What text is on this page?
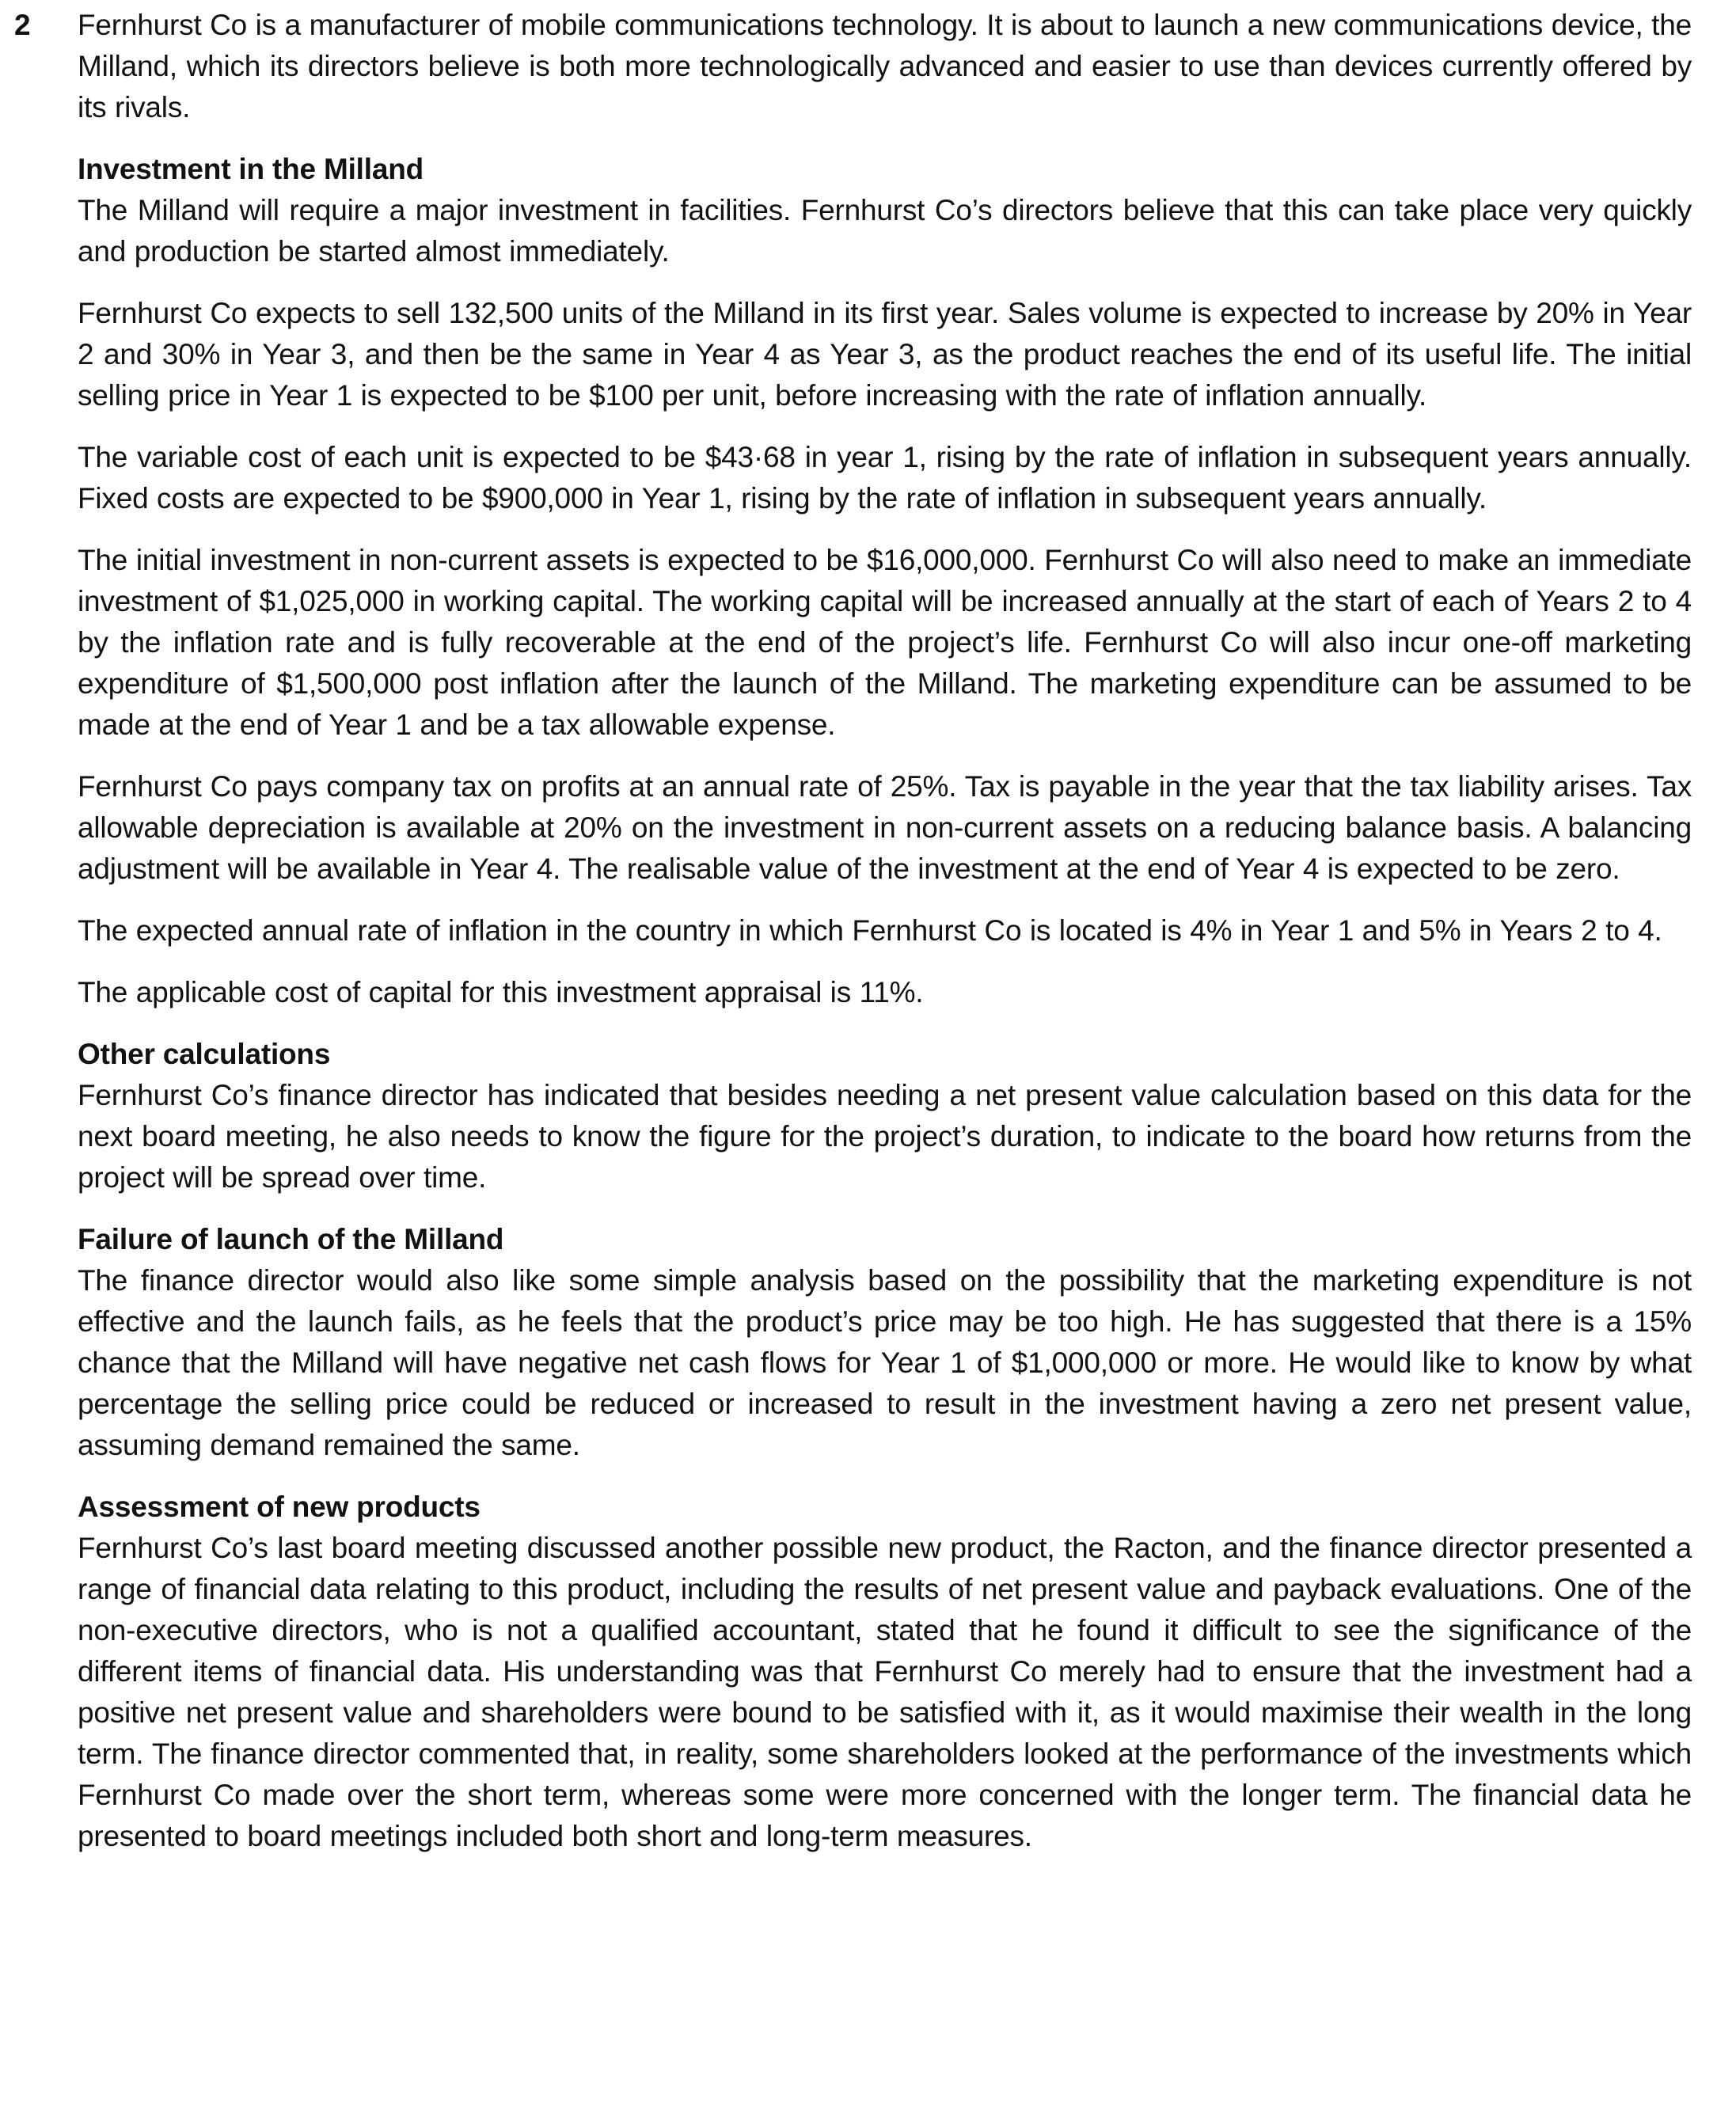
2	Fernhurst Co is a manufacturer of mobile communications technology. It is about to launch a new communications device, the Milland, which its directors believe is both more technologically advanced and easier to use than devices currently offered by its rivals.
Investment in the Milland
The Milland will require a major investment in facilities. Fernhurst Co’s directors believe that this can take place very quickly and production be started almost immediately.
Fernhurst Co expects to sell 132,500 units of the Milland in its first year. Sales volume is expected to increase by 20% in Year 2 and 30% in Year 3, and then be the same in Year 4 as Year 3, as the product reaches the end of its useful life. The initial selling price in Year 1 is expected to be $100 per unit, before increasing with the rate of inflation annually.
The variable cost of each unit is expected to be $43·68 in year 1, rising by the rate of inflation in subsequent years annually. Fixed costs are expected to be $900,000 in Year 1, rising by the rate of inflation in subsequent years annually.
The initial investment in non-current assets is expected to be $16,000,000. Fernhurst Co will also need to make an immediate investment of $1,025,000 in working capital. The working capital will be increased annually at the start of each of Years 2 to 4 by the inflation rate and is fully recoverable at the end of the project’s life. Fernhurst Co will also incur one-off marketing expenditure of $1,500,000 post inflation after the launch of the Milland. The marketing expenditure can be assumed to be made at the end of Year 1 and be a tax allowable expense.
Fernhurst Co pays company tax on profits at an annual rate of 25%. Tax is payable in the year that the tax liability arises. Tax allowable depreciation is available at 20% on the investment in non-current assets on a reducing balance basis. A balancing adjustment will be available in Year 4. The realisable value of the investment at the end of Year 4 is expected to be zero.
The expected annual rate of inflation in the country in which Fernhurst Co is located is 4% in Year 1 and 5% in Years 2 to 4.
The applicable cost of capital for this investment appraisal is 11%.
Other calculations
Fernhurst Co’s finance director has indicated that besides needing a net present value calculation based on this data for the next board meeting, he also needs to know the figure for the project’s duration, to indicate to the board how returns from the project will be spread over time.
Failure of launch of the Milland
The finance director would also like some simple analysis based on the possibility that the marketing expenditure is not effective and the launch fails, as he feels that the product’s price may be too high. He has suggested that there is a 15% chance that the Milland will have negative net cash flows for Year 1 of $1,000,000 or more. He would like to know by what percentage the selling price could be reduced or increased to result in the investment having a zero net present value, assuming demand remained the same.
Assessment of new products
Fernhurst Co’s last board meeting discussed another possible new product, the Racton, and the finance director presented a range of financial data relating to this product, including the results of net present value and payback evaluations. One of the non-executive directors, who is not a qualified accountant, stated that he found it difficult to see the significance of the different items of financial data. His understanding was that Fernhurst Co merely had to ensure that the investment had a positive net present value and shareholders were bound to be satisfied with it, as it would maximise their wealth in the long term. The finance director commented that, in reality, some shareholders looked at the performance of the investments which Fernhurst Co made over the short term, whereas some were more concerned with the longer term. The financial data he presented to board meetings included both short and long-term measures.
